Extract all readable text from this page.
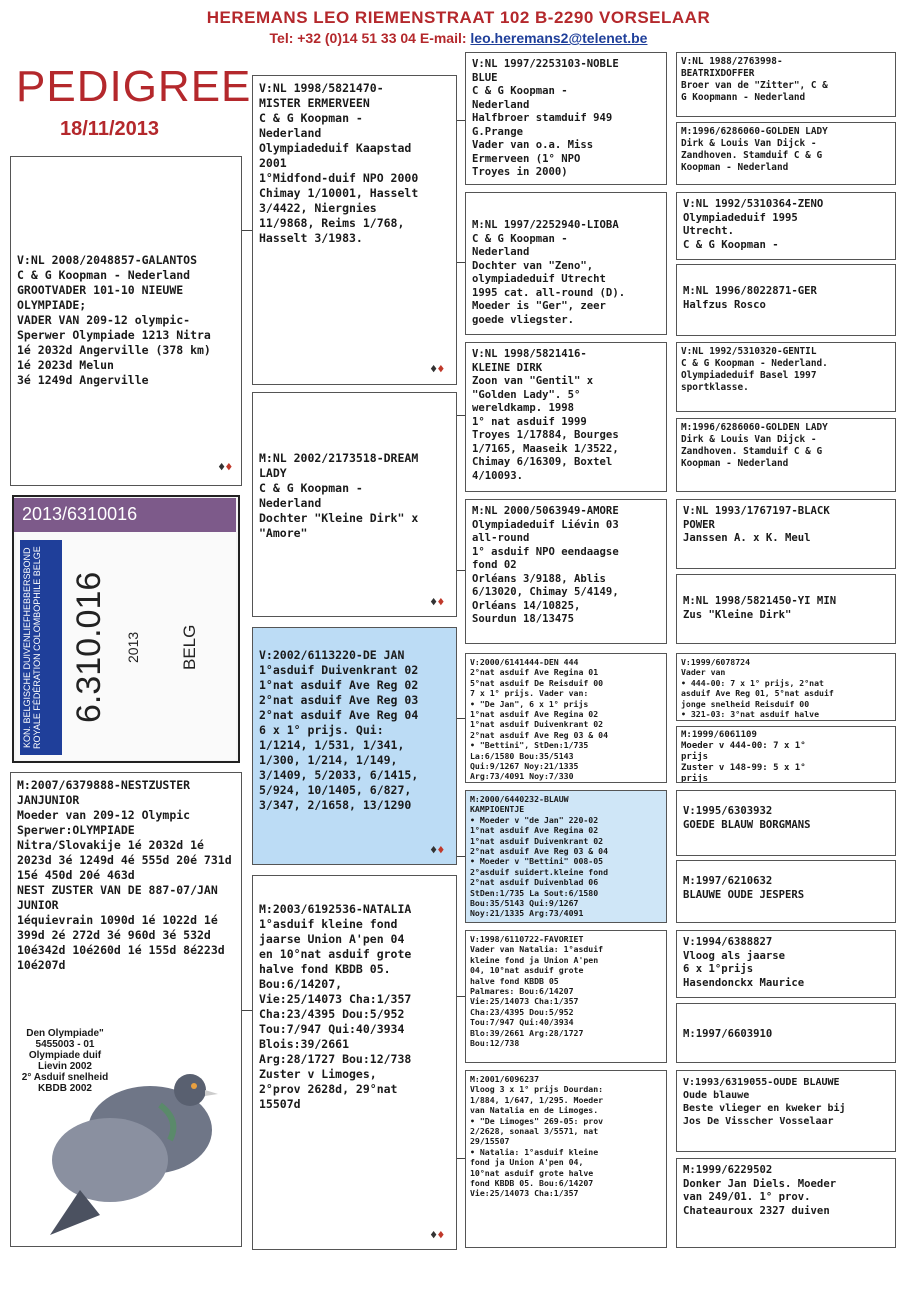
HEREMANS LEO RIEMENSTRAAT 102 B-2290 VORSELAAR
Tel: +32 (0)14 51 33 04 E-mail: leo.heremans2@telenet.be
PEDIGREE
18/11/2013
V:NL 2008/2048857-GALANTOS
C & G Koopman - Nederland
GROOTVADER 101-10 NIEUWE OLYMPIADE;
VADER VAN 209-12 olympic-Sperwer Olympiade 1213 Nitra
1é 2032d Angerville (378 km)
1é 2023d Melun
3é 1249d Angerville
2013/6310016
KON. BELGISCHE DUIVENLIEFHEBBERSBOND ROYALE FÉDÉRATION COLOMBOPHILE BELGE 6.310.016	BELG
2013
M:2007/6379888-NESTZUSTER JANJUNIOR
Moeder van 209-12 Olympic Sperwer:OLYMPIADE Nitra/Slovakije 1é 2032d 1é 2023d 3é 1249d 4é 555d 20é 731d 15é 450d 20é 463d
NEST ZUSTER VAN DE 887-07/JAN JUNIOR
1équievrain 1090d 1é 1022d 1é 399d 2é 272d 3é 960d 3é 532d 10é342d 10é260d 1é 155d 8é223d 10é207d
Den Olympiade"
5455003 - 01
Olympiade duif Lievin 2002
2° Asduif snelheid KBDB 2002
V:NL 1998/5821470-
MISTER ERMERVEEN
C & G Koopman -
Nederland
Olympiadeduif Kaapstad
2001
1°Midfond-duif NPO 2000
Chimay 1/10001, Hasselt
3/4422, Niergnies
11/9868, Reims 1/768,
Hasselt 3/1983.
M:NL 2002/2173518-DREAM
LADY
C & G Koopman -
Nederland
Dochter "Kleine Dirk" x
"Amore"
V:2002/6113220-DE JAN
1°asduif Duivenkrant 02
1°nat asduif Ave Reg 02
2°nat asduif Ave Reg 03
2°nat asduif Ave Reg 04
6 x 1° prijs. Qui:
1/1214, 1/531, 1/341,
1/300, 1/214, 1/149,
3/1409, 5/2033, 6/1415,
5/924, 10/1405, 6/827,
3/347, 2/1658, 13/1290
M:2003/6192536-NATALIA
1°asduif kleine fond
jaarse Union A'pen 04
en 10°nat asduif grote
halve fond KBDB 05.
Bou:6/14207,
Vie:25/14073 Cha:1/357
Cha:23/4395 Dou:5/952
Tou:7/947 Qui:40/3934
Blois:39/2661
Arg:28/1727 Bou:12/738
Zuster v Limoges,
2°prov 2628d, 29°nat
15507d
V:NL 1997/2253103-NOBLE
BLUE
C & G Koopman -
Nederland
Halfbroer stamduif 949
G.Prange
Vader van o.a. Miss
Ermerveen (1° NPO
Troyes in 2000)
M:NL 1997/2252940-LIOBA
C & G Koopman -
Nederland
Dochter van "Zeno",
olympiadeduif Utrecht
1995 cat. all-round (D).
Moeder is "Ger", zeer
goede vliegster.
V:NL 1998/5821416-
KLEINE DIRK
Zoon van "Gentil" x
"Golden Lady". 5°
wereldkamp. 1998
1° nat asduif 1999
Troyes 1/17884, Bourges
1/7165, Maaseik 1/3522,
Chimay 6/16309, Boxtel
4/10093.
M:NL 2000/5063949-AMORE
Olympiadeduif Liévin 03
all-round
1° asduif NPO eendaagse
fond 02
Orléans 3/9188, Ablis
6/13020, Chimay 5/4149,
Orléans 14/10825,
Sourdun 18/13475
V:2000/6141444-DEN 444
2°nat asduif Ave Regina 01
5°nat asduif De Reisduif 00
7 x 1° prijs. Vader van:
• "De Jan", 6 x 1° prijs
1°nat asduif Ave Regina 02
1°nat asduif Duivenkrant 02
2°nat asduif Ave Reg 03 & 04
• "Bettini", StDen:1/735
La:6/1580 Bou:35/5143
Qui:9/1267 Noy:21/1335
Arg:73/4091 Noy:7/330
M:2000/6440232-BLAUW
KAMPIOENTJE
• Moeder v "de Jan" 220-02
1°nat asduif Ave Regina 02
1°nat asduif Duivenkrant 02
2°nat asduif Ave Reg 03 & 04
• Moeder v "Bettini" 008-05
2°asduif suidert.kleine fond
2°nat asduif Duivenblad 06
StDen:1/735 La Sout:6/1580
Bou:35/5143 Qui:9/1267
Noy:21/1335 Arg:73/4091
V:1998/6110722-FAVORIET
Vader van Natalia: 1°asduif
kleine fond ja Union A'pen
04, 10°nat asduif grote
halve fond KBDB 05
Palmares: Bou:6/14207
Vie:25/14073 Cha:1/357
Cha:23/4395 Dou:5/952
Tou:7/947 Qui:40/3934
Blo:39/2661 Arg:28/1727
Bou:12/738
M:2001/6096237
Vloog 3 x 1° prijs Dourdan:
1/884, 1/647, 1/295. Moeder
van Natalia en de Limoges.
• "De Limoges" 269-05: prov
2/2628, sonaal 3/5571, nat
29/15507
• Natalia: 1°asduif kleine
fond ja Union A'pen 04,
10°nat asduif grote halve
fond KBDB 05. Bou:6/14207
Vie:25/14073 Cha:1/357
V:NL 1988/2763998-
BEATRIXDOFFER
Broer van de "Zitter", C &
G Koopmann - Nederland
M:1996/6286060-GOLDEN LADY
Dirk & Louis Van Dijck -
Zandhoven. Stamduif C & G
Koopman - Nederland
V:NL 1992/5310364-ZENO
Olympiadeduif 1995
Utrecht.
C & G Koopman -
M:NL 1996/8022871-GER
Halfzus Rosco
V:NL 1992/5310320-GENTIL
C & G Koopman - Nederland.
Olympiadeduif Basel 1997
sportklasse.
M:1996/6286060-GOLDEN LADY
Dirk & Louis Van Dijck -
Zandhoven. Stamduif C & G
Koopman - Nederland
V:NL 1993/1767197-BLACK
POWER
Janssen A. x K. Meul
M:NL 1998/5821450-YI MIN
Zus "Kleine Dirk"
V:1999/6078724
Vader van
• 444-00: 7 x 1° prijs, 2°nat
asduif Ave Reg 01, 5°nat asduif
jonge snelheid Reisduif 00
• 321-03: 3°nat asduif halve
M:1999/6061109
Moeder v 444-00: 7 x 1°
prijs
Zuster v 148-99: 5 x 1°
prijs
V:1995/6303932
GOEDE BLAUW BORGMANS
M:1997/6210632
BLAUWE OUDE JESPERS
V:1994/6388827
Vloog als jaarse
6 x 1°prijs
Hasendonckx Maurice
M:1997/6603910
V:1993/6319055-OUDE BLAUWE
Oude blauwe
Beste vlieger en kweker bij
Jos De Visscher Vosselaar
M:1999/6229502
Donker Jan Diels. Moeder
van 249/01. 1° prov.
Chateauroux 2327 duiven
♦♦
♦♦
♦♦
♦♦
♦♦
